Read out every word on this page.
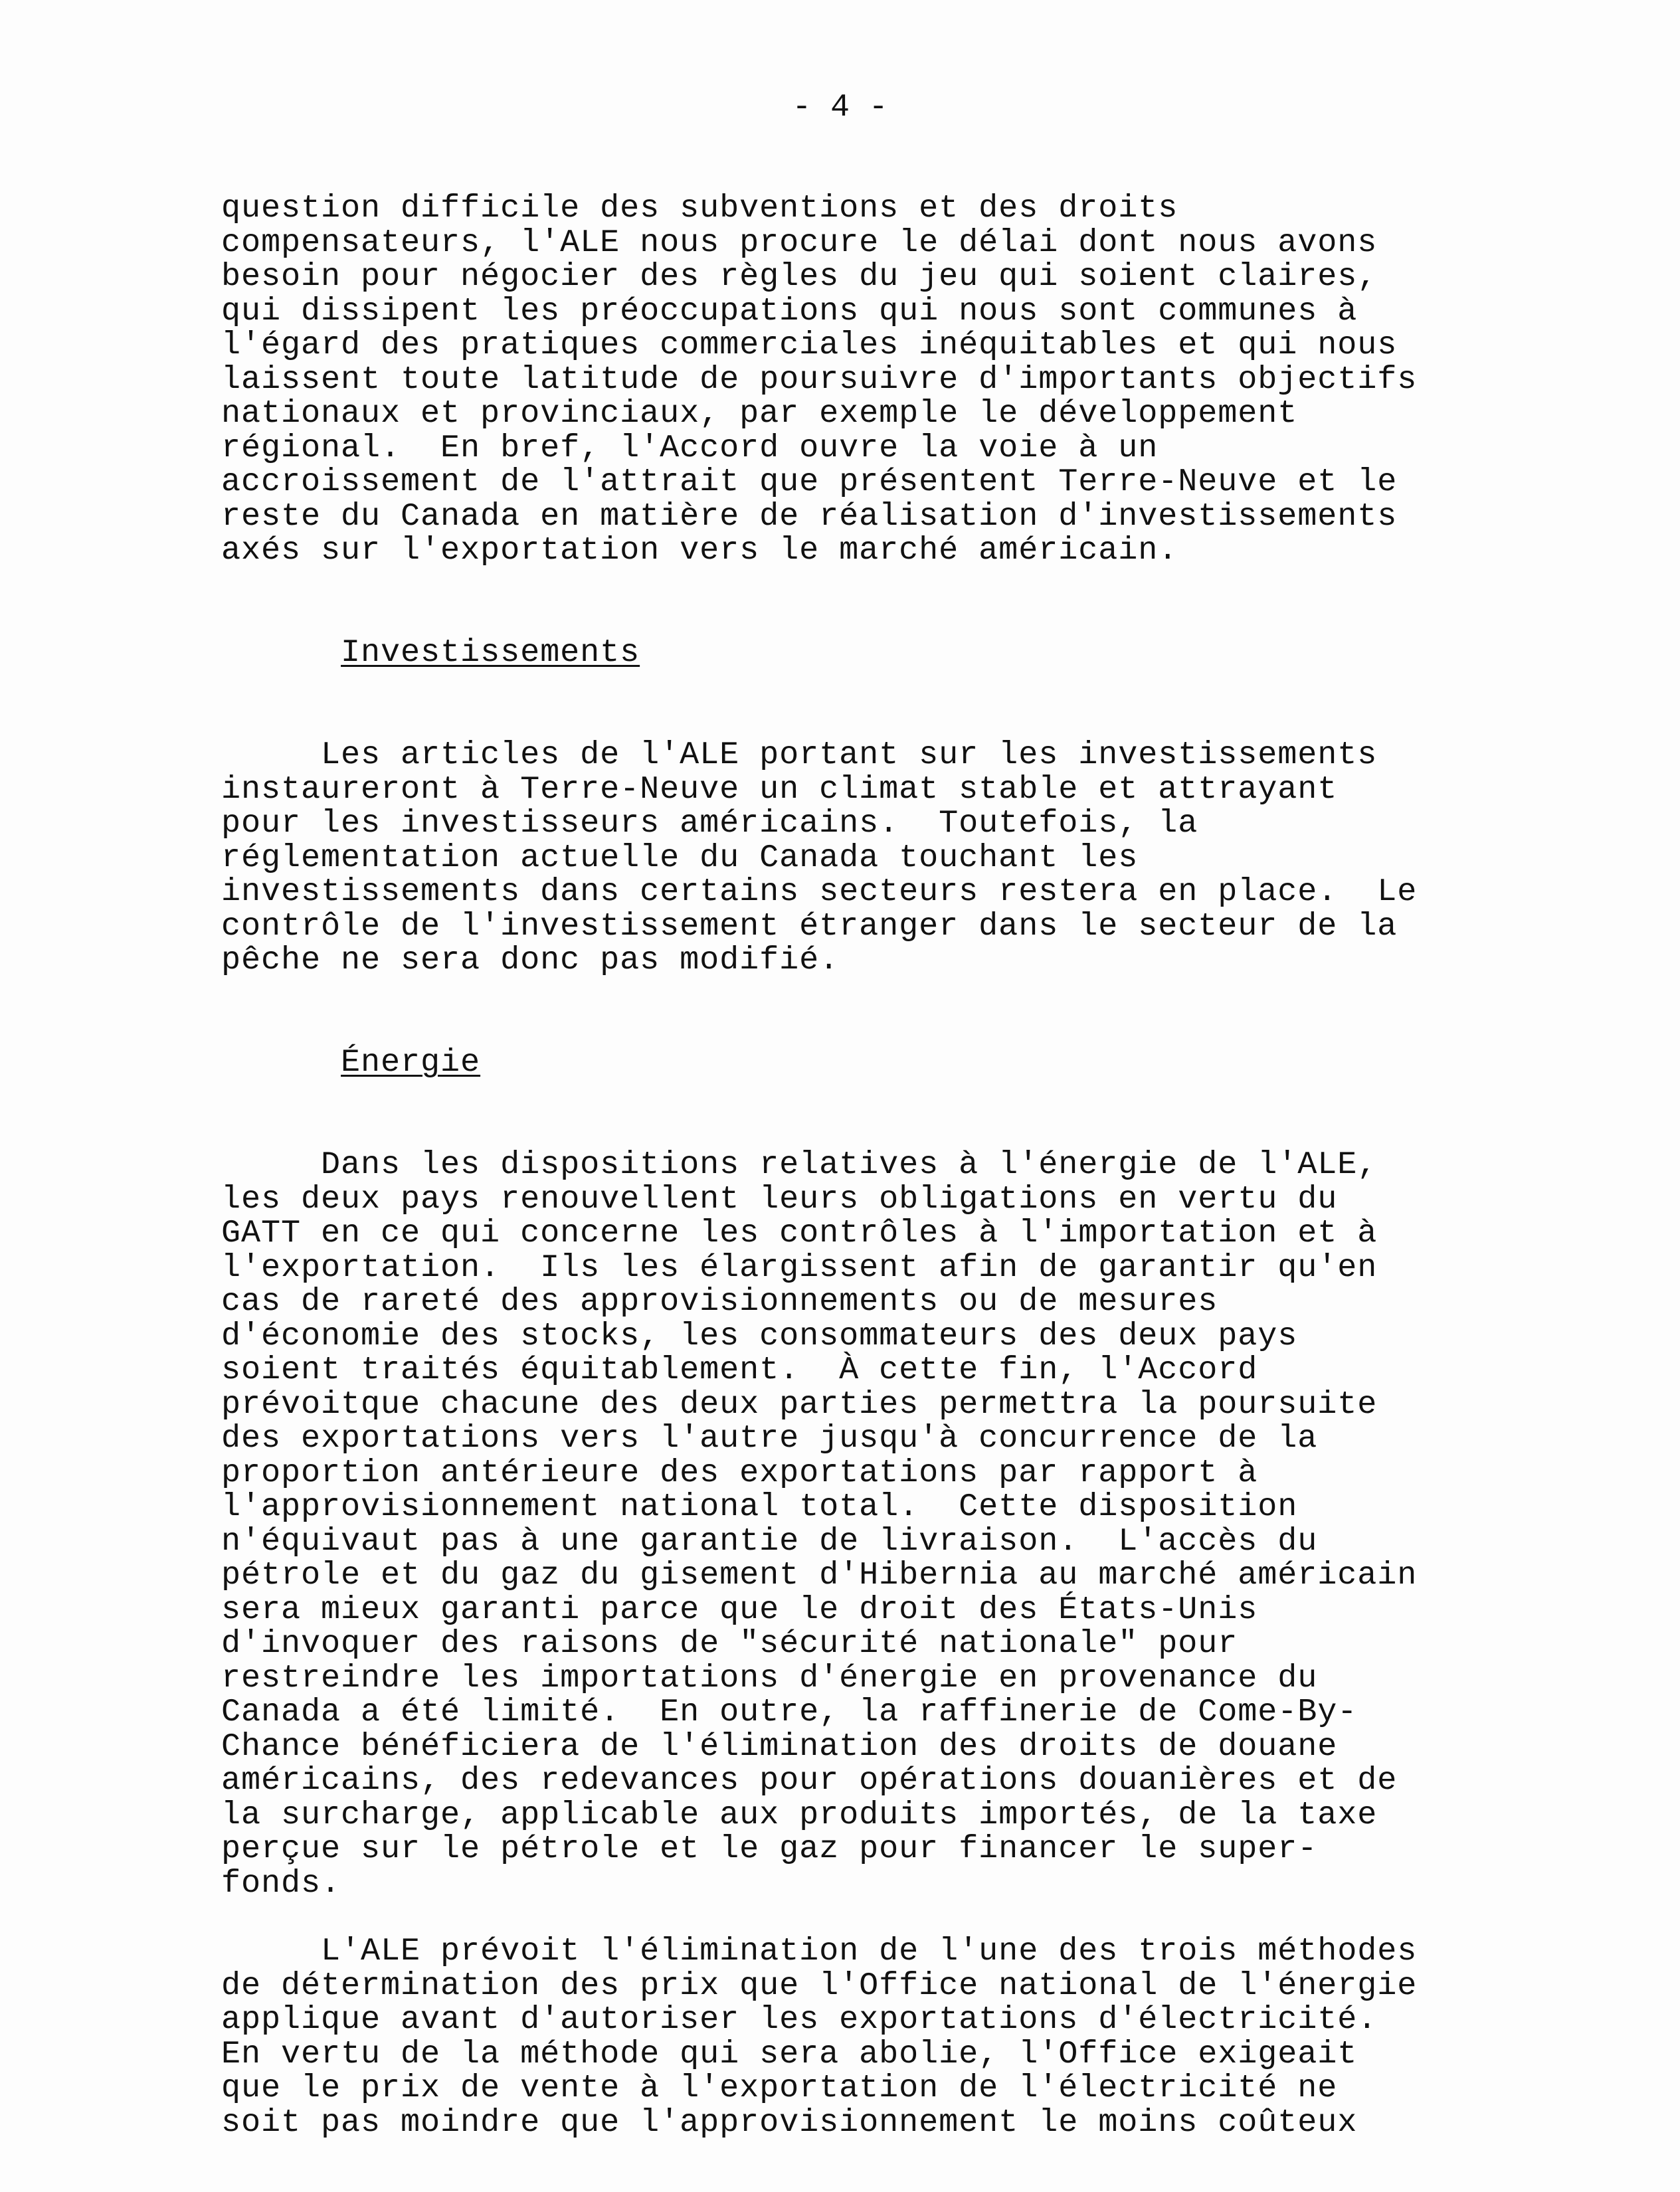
- 4 -

question difficile des subventions et des droits
compensateurs, l'ALE nous procure le délai dont nous avons
besoin pour négocier des règles du jeu qui soient claires,
qui dissipent les préoccupations qui nous sont communes à
l'égard des pratiques commerciales inéquitables et qui nous
laissent toute latitude de poursuivre d'importants objectifs
nationaux et provinciaux, par exemple le développement
régional.  En bref, l'Accord ouvre la voie à un
accroissement de l'attrait que présentent Terre-Neuve et le
reste du Canada en matière de réalisation d'investissements
axés sur l'exportation vers le marché américain.

Investissements

Les articles de l'ALE portant sur les investissements
instaureront à Terre-Neuve un climat stable et attrayant
pour les investisseurs américains.  Toutefois, la
réglementation actuelle du Canada touchant les
investissements dans certains secteurs restera en place.  Le
contrôle de l'investissement étranger dans le secteur de la
pêche ne sera donc pas modifié.

Énergie

Dans les dispositions relatives à l'énergie de l'ALE,
les deux pays renouvellent leurs obligations en vertu du
GATT en ce qui concerne les contrôles à l'importation et à
l'exportation.  Ils les élargissent afin de garantir qu'en
cas de rareté des approvisionnements ou de mesures
d'économie des stocks, les consommateurs des deux pays
soient traités équitablement.  À cette fin, l'Accord
prévoitque chacune des deux parties permettra la poursuite
des exportations vers l'autre jusqu'à concurrence de la
proportion antérieure des exportations par rapport à
l'approvisionnement national total.  Cette disposition
n'équivaut pas à une garantie de livraison.  L'accès du
pétrole et du gaz du gisement d'Hibernia au marché américain
sera mieux garanti parce que le droit des États-Unis
d'invoquer des raisons de "sécurité nationale" pour
restreindre les importations d'énergie en provenance du
Canada a été limité.  En outre, la raffinerie de Come-By-
Chance bénéficiera de l'élimination des droits de douane
américains, des redevances pour opérations douanières et de
la surcharge, applicable aux produits importés, de la taxe
perçue sur le pétrole et le gaz pour financer le super-
fonds.

L'ALE prévoit l'élimination de l'une des trois méthodes
de détermination des prix que l'Office national de l'énergie
applique avant d'autoriser les exportations d'électricité.
En vertu de la méthode qui sera abolie, l'Office exigeait
que le prix de vente à l'exportation de l'électricité ne
soit pas moindre que l'approvisionnement le moins coûteux
